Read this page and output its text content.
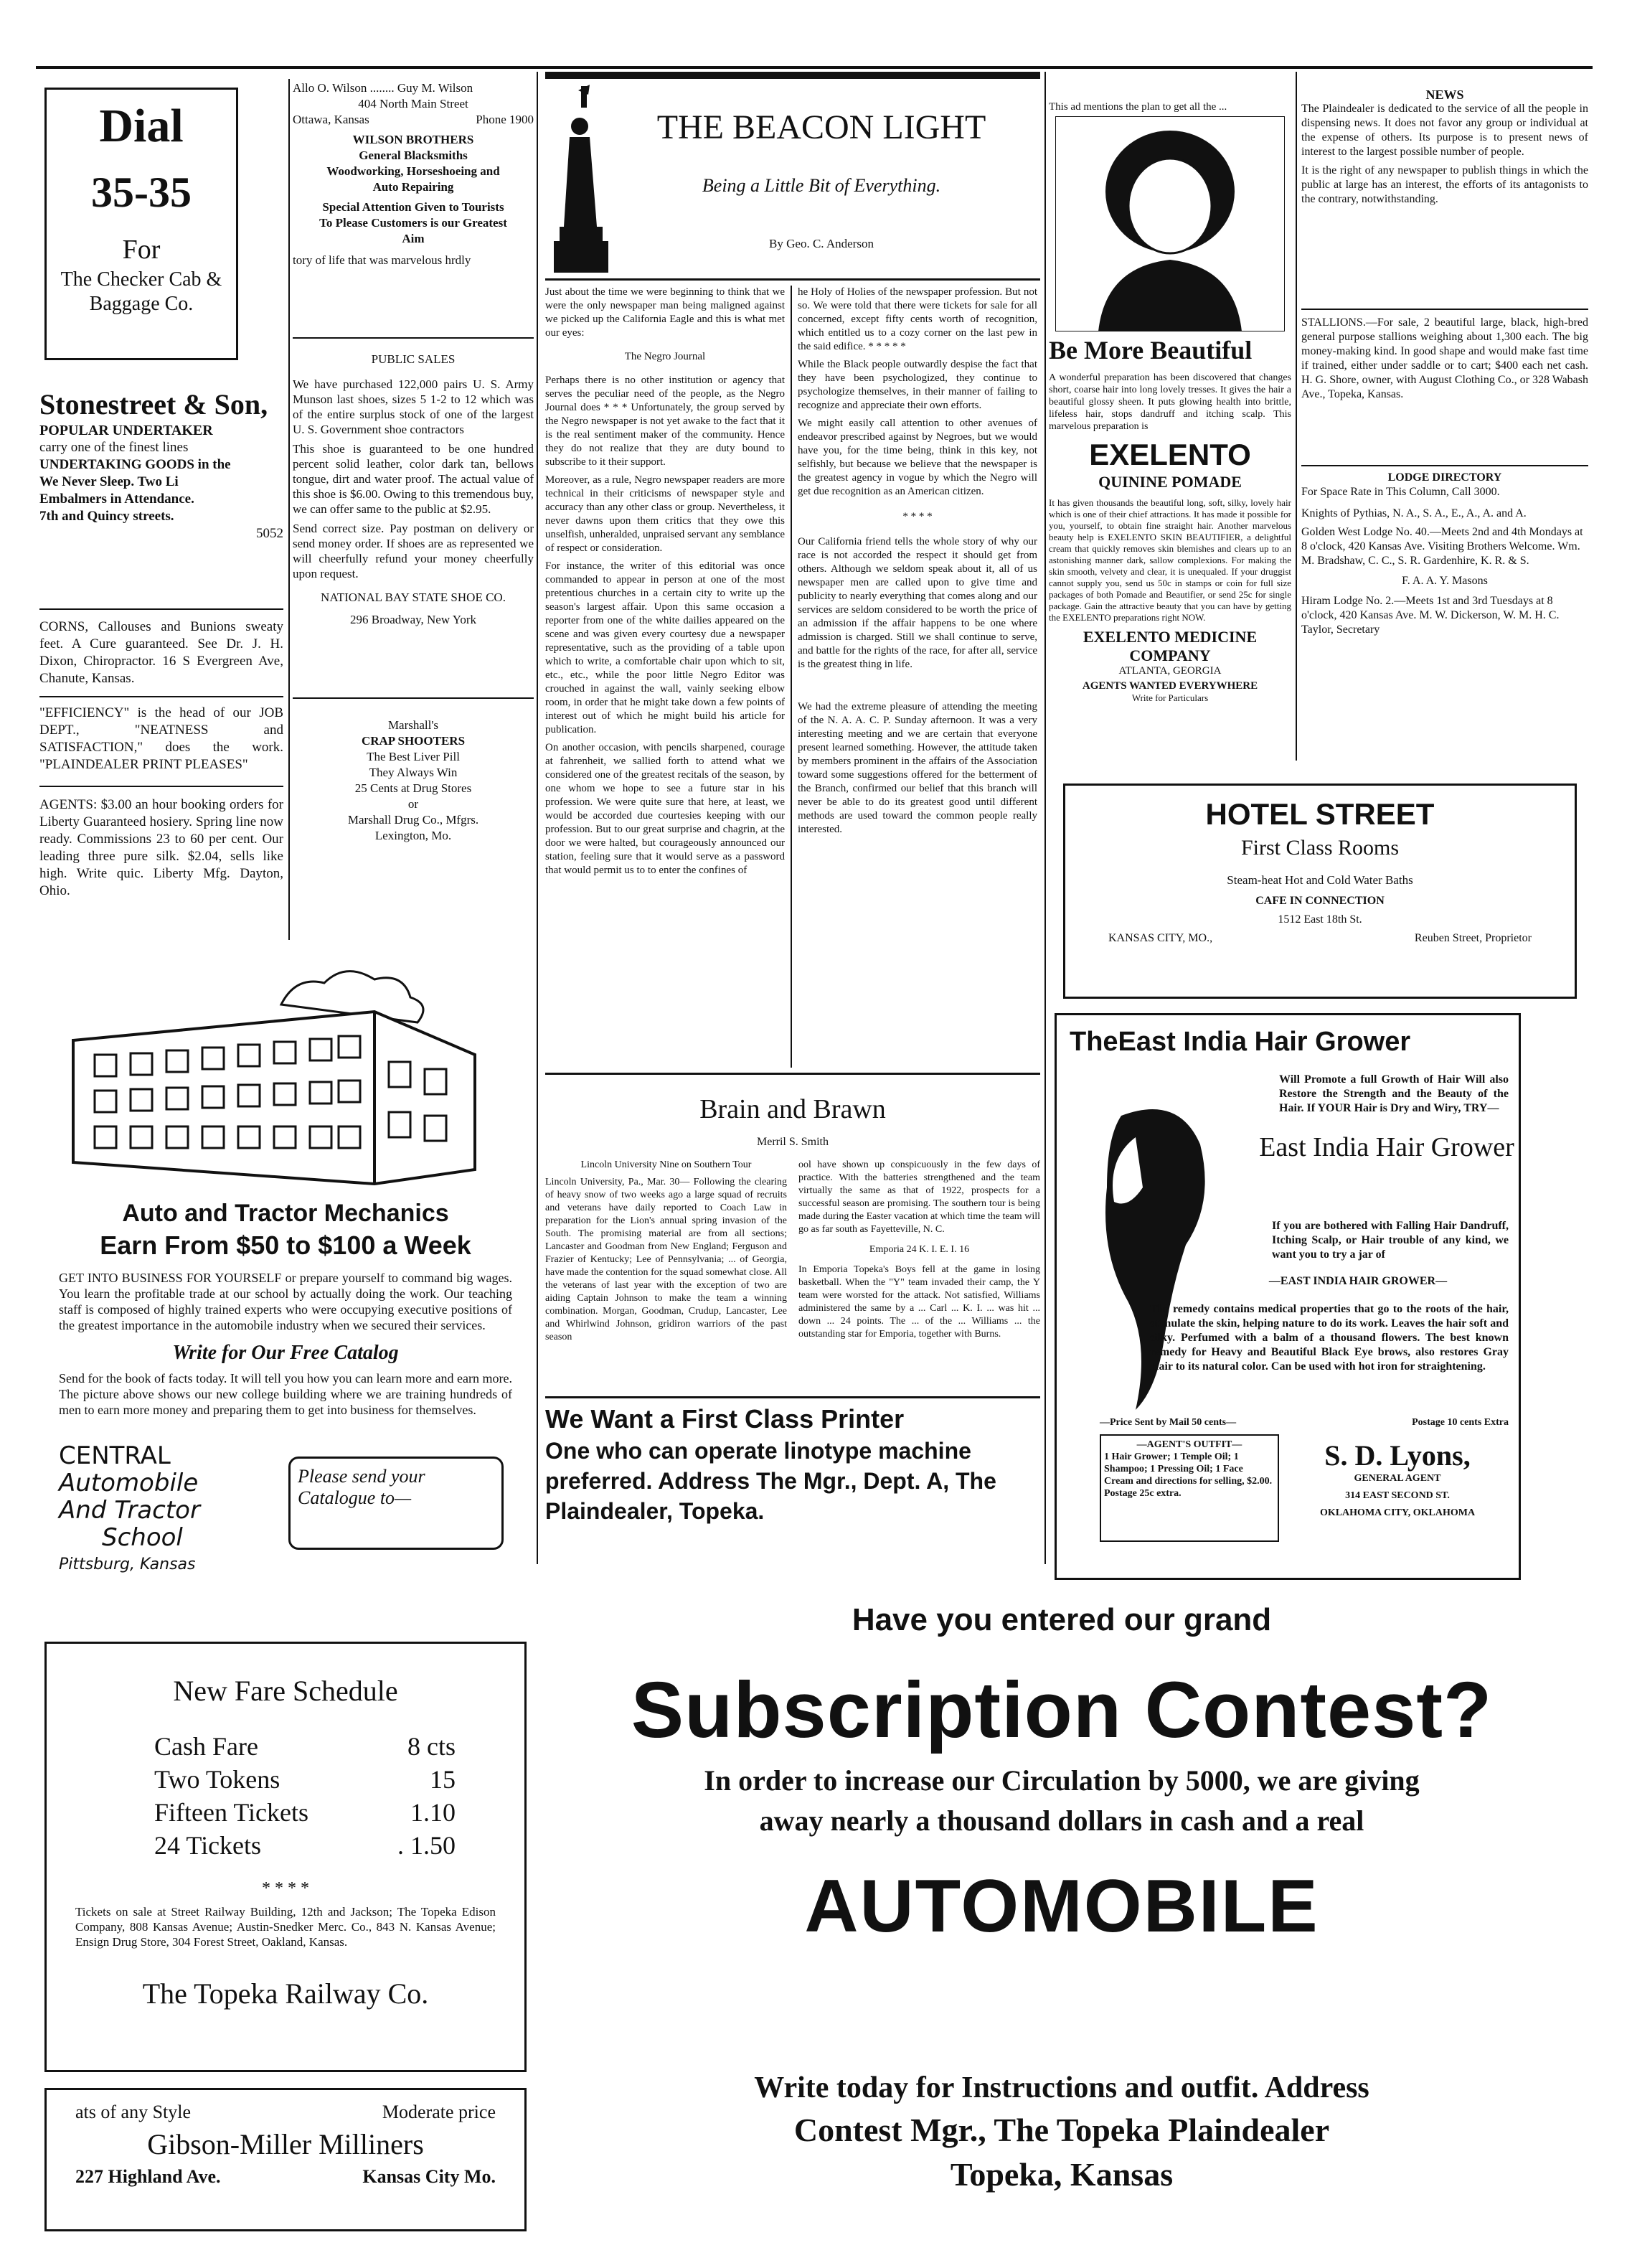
Dial
35-35
For
The Checker Cab & Baggage Co.
Stonestreet & Son,
POPULAR UNDERTAKER
carry one of the finest lines
UNDERTAKING GOODS in the
We Never Sleep. Two Li
Embalmers in Attendance.
7th and Quincy streets.
5052
CORNS, Callouses and Bunions sweaty feet. A Cure guaranteed. See Dr. J. H. Dixon, Chiropractor. 16 S Evergreen Ave, Chanute, Kansas.
"EFFICIENCY" is the head of our JOB DEPT., "NEATNESS and SATISFACTION," does the work. "PLAINDEALER PRINT PLEASES"
AGENTS: $3.00 an hour booking orders for Liberty Guaranteed hosiery. Spring line now ready. Commissions 23 to 60 per cent. Our leading three pure silk. $2.04, sells like high. Write quic. Liberty Mfg. Dayton, Ohio.
Auto and Tractor Mechanics
Earn From $50 to $100 a Week
GET INTO BUSINESS FOR YOURSELF or prepare yourself to command big wages. You learn the profitable trade at our school by actually doing the work. Our teaching staff is composed of highly trained experts who were occupying executive positions of the greatest importance in the automobile industry when we secured their services.
Write for Our Free Catalog
Send for the book of facts today. It will tell you how you can learn more and earn more. The picture above shows our new college building where we are training hundreds of men to earn more money and preparing them to get into business for themselves.
CENTRAL
Automobile
And Tractor
School
Pittsburg, Kansas
Please send your
Catalogue to—
New Fare Schedule
Cash Fare	8 cts
Two Tokens	15
Fifteen Tickets	1.10
24 Tickets	. 1.50
* * * *
Tickets on sale at Street Railway Building, 12th and Jackson; The Topeka Edison Company, 808 Kansas Avenue; Austin-Snedker Merc. Co., 843 N. Kansas Avenue; Ensign Drug Store, 304 Forest Street, Oakland, Kansas.
The Topeka Railway Co.
ats of any Style	Moderate price
Gibson-Miller Milliners
227 Highland Ave.	Kansas City Mo.
Allo O. Wilson ........ Guy M. Wilson
404 North Main Street
Ottawa, Kansas	Phone 1900
WILSON BROTHERS
General Blacksmiths
Woodworking, Horseshoeing and
Auto Repairing
Special Attention Given to Tourists
To Please Customers is our Greatest
Aim
tory of life that was marvelous hrdly
PUBLIC SALES

We have purchased 122,000 pairs U. S. Army Munson last shoes, sizes 5 1-2 to 12 which was of the entire surplus stock of one of the largest U. S. Government shoe contractors

This shoe is guaranteed to be one hundred percent solid leather, color dark tan, bellows tongue, dirt and water proof. The actual value of this shoe is $6.00. Owing to this tremendous buy, we can offer same to the public at $2.95.

Send correct size. Pay postman on delivery or send money order. If shoes are as represented we will cheerfully refund your money cheerfully upon request.

NATIONAL BAY STATE SHOE CO.
296 Broadway, New York
Marshall's
CRAP SHOOTERS
The Best Liver Pill
They Always Win
25 Cents at Drug Stores
or
Marshall Drug Co., Mfgrs.
Lexington, Mo.
THE BEACON LIGHT
Being a Little Bit of Everything.
By Geo. C. Anderson

Just about the time we were beginning to think that we were the only newspaper man being maligned against we picked up the California Eagle and this is what met our eyes:

The Negro Journal

Perhaps there is no other institution or agency that serves the peculiar need of the people, as the Negro Journal does * * * Unfortunately, the group served by the Negro newspaper is not yet awake to the fact that it is the real sentiment maker of the community. Hence they do not realize that they are duty bound to subscribe to it their support.

Moreover, as a rule, Negro newspaper readers are more technical in their criticisms of newspaper style and accuracy than any other class or group. Nevertheless, it never dawns upon them critics that they owe this unselfish, unheralded, unpraised servant any semblance of respect or consideration.

For instance, the writer of this editorial was once commanded to appear in person at one of the most pretentious churches in a certain city to write up the season's largest affair. Upon this same occasion a reporter from one of the white dailies appeared on the scene and was given every courtesy due a newspaper representative, such as the providing of a table upon which to write, a comfortable chair upon which to sit, etc., etc., while the poor little Negro Editor was crouched in against the wall, vainly seeking elbow room, in order that he might take down a few points of interest out of which he might build his article for publication.

On another occasion, with pencils sharpened, courage at fahrenheit, we sallied forth to attend what we considered one of the greatest recitals of the season, by one whom we hope to see a future star in his profession. We were quite sure that here, at least, we would be accorded due courtesies keeping with our profession. But to our great surprise and chagrin, at the door we were halted, but courageously announced our station, feeling sure that it would serve as a password that would permit us to to enter the confines of

he Holy of Holies of the newspaper profession. But not so. We were told that there were tickets for sale for all concerned, except fifty cents worth of recognition, which entitled us to a cozy corner on the last pew in the said edifice. * * * * *

While the Black people outwardly despise the fact that they have been psychologized, they continue to psychologize themselves, in their manner of failing to recognize and appreciate their own efforts.

We might easily call attention to other avenues of endeavor prescribed against by Negroes, but we would have you, for the time being, think in this key, not selfishly, but because we believe that the newspaper is the greatest agency in vogue by which the Negro will get due recognition as an American citizen.

* * * *

Our California friend tells the whole story of why our race is not accorded the respect it should get from others. Although we seldom speak about it, all of us newspaper men are called upon to give time and publicity to nearly everything that comes along and our services are seldom considered to be worth the price of an admission if the affair happens to be one where admission is charged. Still we shall continue to serve, and battle for the rights of the race, for after all, service is the greatest thing in life.

We had the extreme pleasure of attending the meeting of the N. A. A. C. P. Sunday afternoon. It was a very interesting meeting and we are certain that everyone present learned something. However, the attitude taken by members prominent in the affairs of the Association toward some suggestions offered for the betterment of the Branch, confirmed our belief that this branch will never be able to do its greatest good until different methods are used toward the common people really interested.

Brain and Brawn
Merril S. Smith

Lincoln University Nine on Southern Tour

Lincoln University, Pa., Mar. 30— Following the clearing of heavy snow of two weeks ago a large squad of recruits and veterans have daily reported to Coach Law in preparation for the Lion's annual spring invasion of the South. The promising material are from all sections; Lancaster and Goodman from New England; Ferguson and Frazier of Kentucky; Lee of Pennsylvania; ... of Georgia, have made the contention for the squad somewhat close. All the veterans of last year with the exception of two are aiding Captain Johnson to make the team a winning combination. Morgan, Goodman, Crudup, Lancaster, Lee and Whirlwind Johnson, gridiron warriors of the past season

ool have shown up conspicuously in the few days of practice. With the batteries strengthened and the team virtually the same as that of 1922, prospects for a successful season are promising. The southern tour is being made during the Easter vacation at which time the team will go as far south as Fayetteville, N. C.

Emporia 24 K. I. E. I. 16

In Emporia Topeka's Boys fell at the game in losing basketball. When the "Y" team invaded their camp, the Y team were worsted for the attack. Not satisfied, Williams administered the same by a ... Carl ... K. I. ... was hit ... down ... 24 points. The ... of the ... Williams ... the outstanding star for Emporia, together with Burns.

We Want a First Class Printer
One who can operate linotype machine preferred. Address The Mgr., Dept. A, The Plaindealer, Topeka.
This ad mentions the plan to get all the ...
Be More Beautiful
A wonderful preparation has been discovered that changes short, coarse hair into long lovely tresses. It gives the hair a beautiful glossy sheen. It puts glowing health into brittle, lifeless hair, stops dandruff and itching scalp. This marvelous preparation is
EXELENTO
QUININE POMADE
It has given thousands the beautiful long, soft, silky, lovely hair which is one of their chief attractions. It has made it possible for you, yourself, to obtain fine straight hair. Another marvelous beauty help is EXELENTO SKIN BEAUTIFIER, a delightful cream that quickly removes skin blemishes and clears up to an astonishing manner dark, sallow complexions. For making the skin smooth, velvety and clear, it is unequaled. If your druggist cannot supply you, send us 50c in stamps or coin for full size packages of both Pomade and Beautifier, or send 25c for single package. Gain the attractive beauty that you can have by getting the EXELENTO preparations right NOW.
EXELENTO MEDICINE COMPANY
ATLANTA, GEORGIA
AGENTS WANTED EVERYWHERE
Write for Particulars
NEWS

The Plaindealer is dedicated to the service of all the people in dispensing news. It does not favor any group or individual at the expense of others. Its purpose is to present news of interest to the largest possible number of people.

It is the right of any newspaper to publish things in which the public at large has an interest, the efforts of its antagonists to the contrary, notwithstanding.

STALLIONS.—For sale, 2 beautiful large, black, high-bred general purpose stallions weighing about 1,300 each. The big money-making kind. In good shape and would make fast time if trained, either under saddle or to cart; $400 each net cash. H. G. Shore, owner, with August Clothing Co., or 328 Wabash Ave., Topeka, Kansas.
LODGE DIRECTORY
For Space Rate in This Column, Call 3000.

Knights of Pythias, N. A., S. A., E., A., A. and A.

Golden West Lodge No. 40.—Meets 2nd and 4th Mondays at 8 o'clock, 420 Kansas Ave. Visiting Brothers Welcome. Wm. M. Bradshaw, C. C., S. R. Gardenhire, K. R. & S.

F. A. A. Y. Masons

Hiram Lodge No. 2.—Meets 1st and 3rd Tuesdays at 8 o'clock, 420 Kansas Ave. M. W. Dickerson, W. M. H. C. Taylor, Secretary

HOTEL STREET
First Class Rooms
Steam-heat Hot and Cold Water Baths
CAFE IN CONNECTION
1512 East 18th St.
KANSAS CITY, MO.,	Reuben Street, Proprietor
TheEast India Hair Grower
Will Promote a full Growth of Hair Will also Restore the Strength and the Beauty of the Hair. If YOUR Hair is Dry and Wiry, TRY—
East India Hair Grower
If you are bothered with Falling Hair Dandruff, Itching Scalp, or Hair trouble of any kind, we want you to try a jar of
—EAST INDIA HAIR GROWER—
The remedy contains medical properties that go to the roots of the hair, stimulate the skin, helping nature to do its work. Leaves the hair soft and silky. Perfumed with a balm of a thousand flowers. The best known remedy for Heavy and Beautiful Black Eye brows, also restores Gray Hair to its natural color. Can be used with hot iron for straightening.
—Price Sent by Mail 50 cents—	Postage 10 cents Extra
—AGENT'S OUTFIT—
1 Hair Grower; 1 Temple Oil; 1 Shampoo; 1 Pressing Oil; 1 Face Cream and directions for selling, $2.00. Postage 25c extra.
S. D. Lyons,
GENERAL AGENT
314 EAST SECOND ST.
OKLAHOMA CITY, OKLAHOMA
Have you entered our grand
Subscription Contest?
In order to increase our Circulation by 5000, we are giving
away nearly a thousand dollars in cash and a real
AUTOMOBILE
Write today for Instructions and outfit. Address
Contest Mgr., The Topeka Plaindealer
Topeka, Kansas
